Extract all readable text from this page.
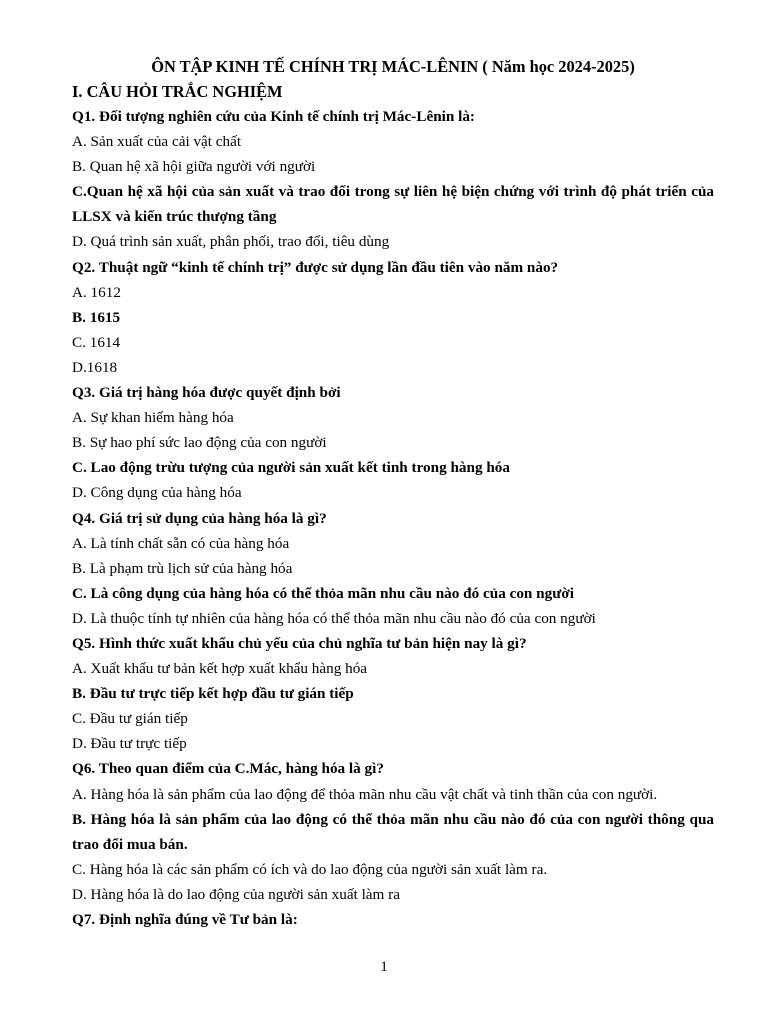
ÔN TẬP KINH TẾ CHÍNH TRỊ MÁC-LÊNIN ( Năm học 2024-2025)
I. CÂU HỎI TRẮC NGHIỆM
Q1. Đối tượng nghiên cứu của Kinh tế chính trị Mác-Lênin là:
A. Sản xuất của cải vật chất
B. Quan hệ xã hội giữa người với người
C.Quan hệ xã hội của sản xuất và trao đổi trong sự liên hệ biện chứng với trình độ phát triển của LLSX và kiến trúc thượng tầng
D. Quá trình sản xuất, phân phối, trao đổi, tiêu dùng
Q2. Thuật ngữ “kinh tế chính trị” được sử dụng lần đầu tiên vào năm nào?
A. 1612
B. 1615
C. 1614
D.1618
Q3. Giá trị hàng hóa được quyết định bởi
A. Sự khan hiếm hàng hóa
B. Sự hao phí sức lao động của con người
C. Lao động trừu tượng của người sản xuất kết tinh trong hàng hóa
D. Công dụng của hàng hóa
Q4. Giá trị sử dụng của hàng hóa là gì?
A. Là tính chất sẵn có của hàng hóa
B. Là phạm trù lịch sử của hàng hóa
C. Là công dụng của hàng hóa có thể thỏa mãn nhu cầu nào đó của con người
D. Là thuộc tính tự nhiên của hàng hóa có thể thỏa mãn nhu cầu nào đó của con người
Q5. Hình thức xuất khẩu chủ yếu của chủ nghĩa tư bản hiện nay là gì?
A. Xuất khẩu tư bản kết hợp xuất khẩu hàng hóa
B. Đầu tư trực tiếp kết hợp đầu tư gián tiếp
C. Đầu tư gián tiếp
D. Đầu tư trực tiếp
Q6. Theo quan điểm của C.Mác, hàng hóa là gì?
A. Hàng hóa là sản phẩm của lao động để thỏa mãn nhu cầu vật chất và tinh thần của con người.
B. Hàng hóa là sản phẩm của lao động có thể thỏa mãn nhu cầu nào đó của con người thông qua trao đổi mua bán.
C. Hàng hóa là các sản phẩm có ích và do lao động của người sản xuất làm ra.
D. Hàng hóa là do lao động của người sản xuất làm ra
Q7. Định nghĩa đúng về Tư bản là:
1
